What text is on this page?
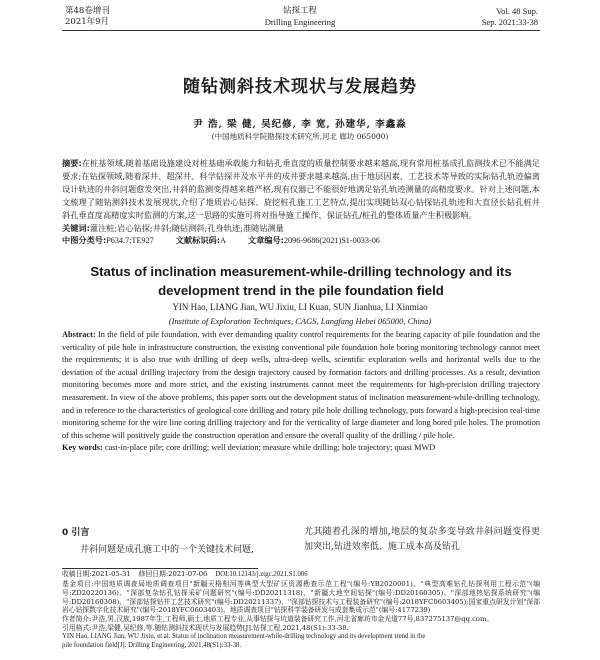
第48卷增刊
2021年9月
钻探工程
Drilling Engineering
Vol. 48 Sup.
Sep. 2021:33-38
随钻测斜技术现状与发展趋势
尹 浩, 梁 健, 吴纪修, 李 宽, 孙建华, 李鑫淼
(中国地质科学院勘探技术研究所,河北 廊坊 065000)
摘要:在桩基领域,随着基础设施建设对桩基础承载能力和钻孔垂直度的质量控制要求越来越高,现有常用桩基成孔监测技术已不能满足要求;在钻探领域,随着深井、超深井、科学钻探井及水平井的成井要求越来越高,由于地层因素、工艺技术等导致的实际钻孔轨迹偏离设计轨迹的井斜问题愈发突出,井斜的监测变得越来越严格,现有仪器已不能很好地满足钻孔轨迹测量的高精度要求。针对上述问题,本文梳理了随钻测斜技术发展现状,介绍了地质岩心钻探、旋挖桩孔施工工艺特点,提出实现随钻双心钻探钻孔轨迹和大直径长钻孔桩井斜孔垂直度高精度实时监测的方案,这一思路的实施可将对指导施工操作、保证钻孔/桩孔的整体质量产生积极影响。
关键词:灌注桩;岩心钻探;井斜;随钻测斜;孔身轨迹;准随钻测量
中图分类号:P634.7;TE927	文献标识码:A	文章编号:2096-9686(2021)S1-0033-06
Status of inclination measurement-while-drilling technology and its
development trend in the pile foundation field
YIN Hao, LIANG Jian, WU Jixiu, LI Kuan, SUN Jianhua, LI Xinmiao
(Institute of Exploration Techniques, CAGS, Langfang Hebei 065000, China)
Abstract: In the field of pile foundation, with ever demanding quality control requirements for the bearing capacity of pile foundation and the verticality of pile hole in infrastructure construction, the existing conventional pile foundation hole boring monitoring technology cannot meet the requirements; it is also true with drilling of deep wells, ultra-deep wells, scientific exploration wells and horizontal wells due to the deviation of the actual drilling trajectory from the design trajectory caused by formation factors and drilling processes. As a result, deviation monitoring becomes more and more strict, and the existing instruments cannot meet the requirements for high-precision drilling trajectory measurement. In view of the above problems, this paper sorts out the development status of inclination measurement-while-drilling technology, and in reference to the characteristics of geological core drilling and rotary pile hole drilling technology, puts forward a high-precision real-time monitoring scheme for the wire line coring drilling trajectory and for the verticality of large diameter and long bored pile holes. The promotion of this scheme will positively guide the construction operation and ensure the overall quality of the drilling / pile hole.
Key words: cast-in-place pile; core drilling; well deviation; measure while drilling; hole trajectory; quasi MWD
0 引言
井斜问题是成孔施工中的一个关键技术问题,
尤其随着孔深的增加,地层的复杂多变导致井斜问题变得更加突出,钻进效率低、施工成本高及钻孔

收稿日期:2021-05-31 修回日期:2021-07-06 DOI:10.12143/j.ztgc.2021.S1.006

基金项目:中国地质调查局地质调查项目"新疆天格相河等典型大型矿区资源勘查示范工程"(编号:YB2020001)、"典型高难钻孔钻探利用工程示范"(编号:ZD20220136)、"深部复杂钻孔钻探采矿问题研究"(编号:DD20211318)、"新疆大地空间钻探"(编号:DD20160305)、"深部地热钻探系统研究"(编号:DD20160308)、"深部钻探钻井工艺技术研究"(编号:DD20211337)、"深部钻探技术与工程装备研究"(编号:2018YFC0603405);国家重点研发计划"深部岩心钻探数字化技术研究"(编号:2018YFC0603403)、地质调查项目"钻探科学装备研发与成套集成示范"(编号:4177239)

作者简介:尹浩,男,汉族,1987年生,工程师,硕士,地质工程专业,从事钻探与坑道装备研究工作,河北省廊坊市金光道77号,837275137@qq.com。

引用格式:尹浩,梁健,吴纪修,等.随钻测斜技术现状与发展趋势[J].钻探工程,2021,48(S1):33-38.

YIN Hao, LIANG Jian, WU Jixiu, et al. Status of inclination measurement-while-drilling technology and its development trend in the

pile foundation field[J]. Drilling Engineering, 2021,48(S1):33-38.
